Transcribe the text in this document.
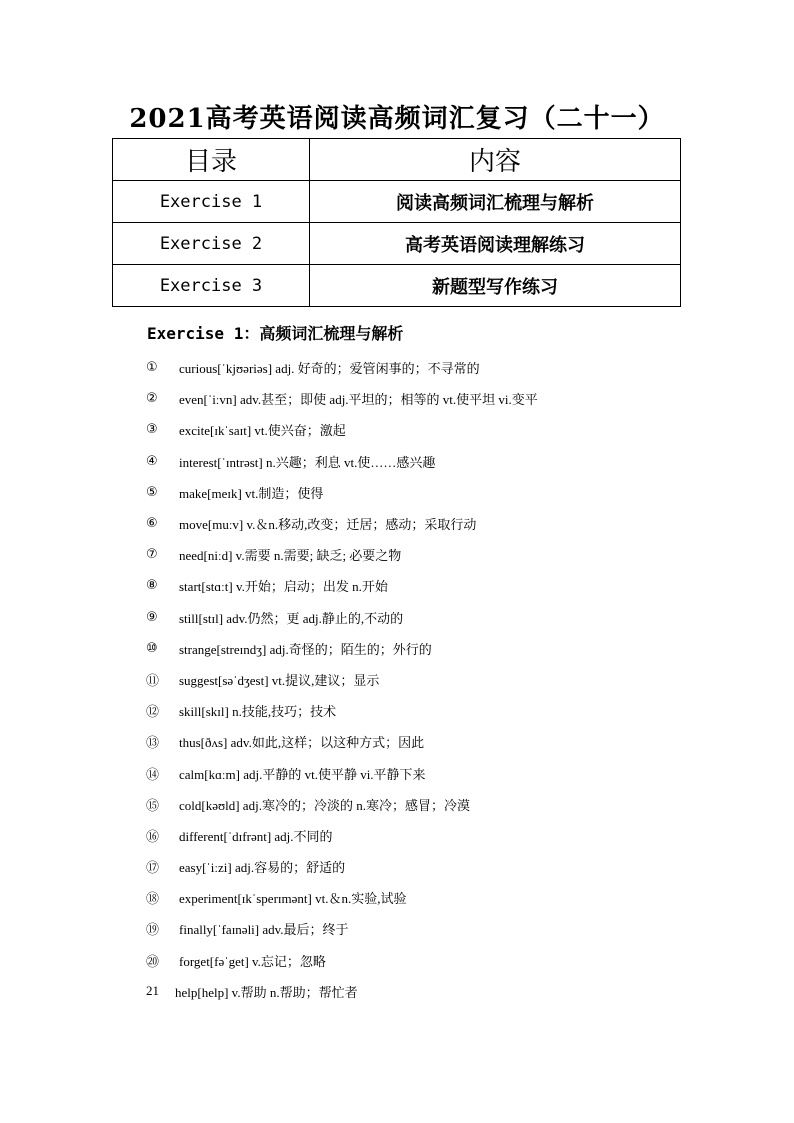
2021高考英语阅读高频词汇复习（二十一）
目录	内容
Exercise 1	阅读高频词汇梳理与解析
Exercise 2	高考英语阅读理解练习
Exercise 3	新题型写作练习
Exercise 1：高频词汇梳理与解析
①	curious[ˈkjʊəriəs] adj. 好奇的；爱管闲事的；不寻常的
②	even[ˈiːvn] adv.甚至；即使 adj.平坦的；相等的 vt.使平坦 vi.变平
③	excite[ɪkˈsaɪt] vt.使兴奋；激起
④	interest[ˈɪntrəst] n.兴趣；利息 vt.使……感兴趣
⑤	make[meɪk] vt.制造；使得
⑥	move[muːv] v.＆n.移动,改变；迁居；感动；采取行动
⑦	need[niːd] v.需要 n.需要; 缺乏; 必要之物
⑧	start[stɑːt] v.开始；启动；出发 n.开始
⑨	still[stɪl] adv.仍然；更 adj.静止的,不动的
⑩	strange[streɪndʒ] adj.奇怪的；陌生的；外行的
⑪	suggest[səˈdʒest] vt.提议,建议；显示
⑫	skill[skɪl] n.技能,技巧；技术
⑬	thus[ðʌs] adv.如此,这样；以这种方式；因此
⑭	calm[kɑːm] adj.平静的 vt.使平静 vi.平静下来
⑮	cold[kəʊld] adj.寒冷的；冷淡的 n.寒冷；感冒；冷漠
⑯	different[ˈdɪfrənt] adj.不同的
⑰	easy[ˈiːzi] adj.容易的；舒适的
⑱	experiment[ɪkˈsperɪmənt] vt.＆n.实验,试验
⑲	finally[ˈfaɪnəli] adv.最后；终于
⑳	forget[fəˈget] v.忘记；忽略
21	help[help] v.帮助 n.帮助；帮忙者
